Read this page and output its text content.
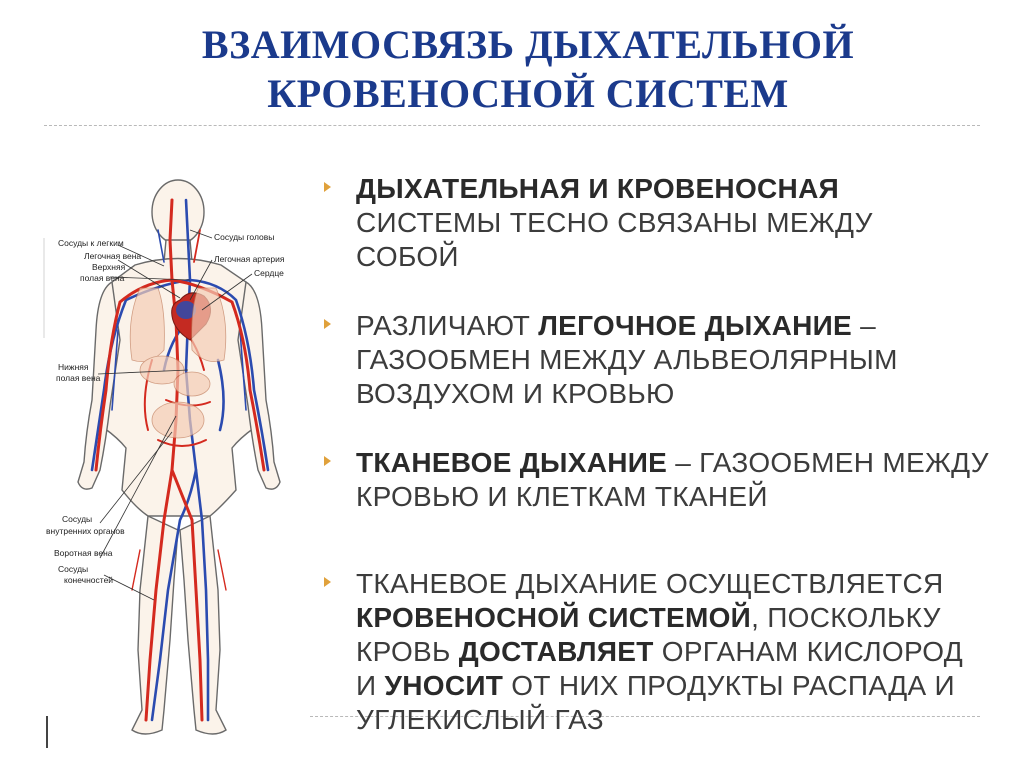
ВЗАИМОСВЯЗЬ ДЫХАТЕЛЬНОЙ
КРОВЕНОСНОЙ СИСТЕМ
Сосуды к легким
Легочная вена
Верхняя
полая вена
Нижняя
полая вена
Сосуды
внутренних органов
Воротная вена
Сосуды
конечностей
Сосуды головы
Легочная артерия
Сердце
ДЫХАТЕЛЬНАЯ И КРОВЕНОСНАЯ
СИСТЕМЫ ТЕСНО СВЯЗАНЫ МЕЖДУ
СОБОЙ
РАЗЛИЧАЮТ ЛЕГОЧНОЕ ДЫХАНИЕ –
ГАЗООБМЕН МЕЖДУ АЛЬВЕОЛЯРНЫМ
ВОЗДУХОМ И КРОВЬЮ
ТКАНЕВОЕ ДЫХАНИЕ – ГАЗООБМЕН МЕЖДУ
КРОВЬЮ И КЛЕТКАМ ТКАНЕЙ
ТКАНЕВОЕ ДЫХАНИЕ ОСУЩЕСТВЛЯЕТСЯ
КРОВЕНОСНОЙ СИСТЕМОЙ, ПОСКОЛЬКУ
КРОВЬ ДОСТАВЛЯЕТ ОРГАНАМ КИСЛОРОД
И УНОСИТ ОТ НИХ ПРОДУКТЫ РАСПАДА И
УГЛЕКИСЛЫЙ ГАЗ
